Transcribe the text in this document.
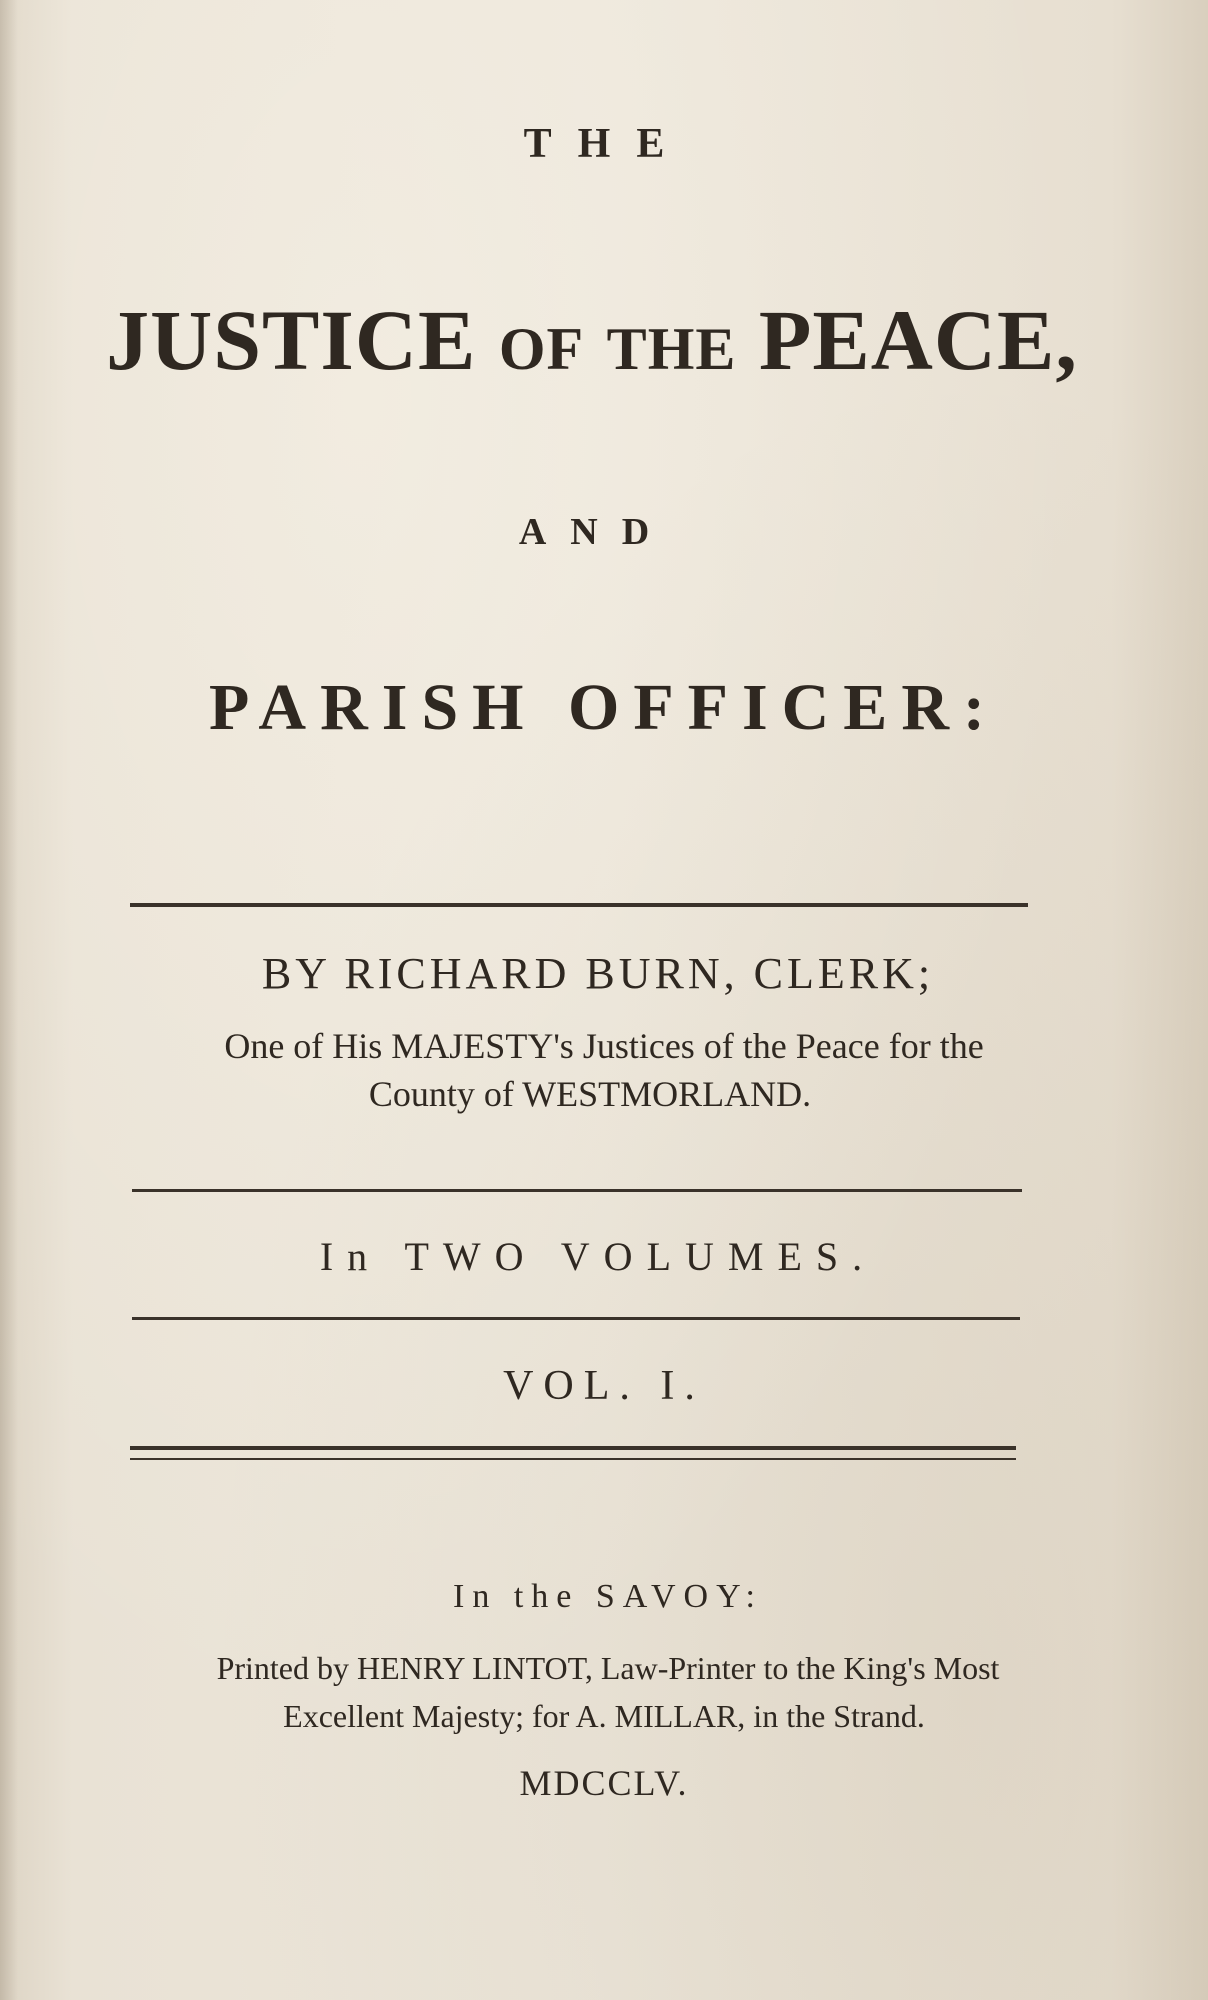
THE
JUSTICE of the PEACE,
AND
PARISH OFFICER:
BY RICHARD BURN, CLERK;
One of His MAJESTY's Justices of the Peace for the
County of WESTMORLAND.
In TWO VOLUMES.
VOL. I.
In the SAVOY:
Printed by HENRY LINTOT, Law-Printer to the King's Most
Excellent Majesty; for A. MILLAR, in the Strand.
MDCCLV.
